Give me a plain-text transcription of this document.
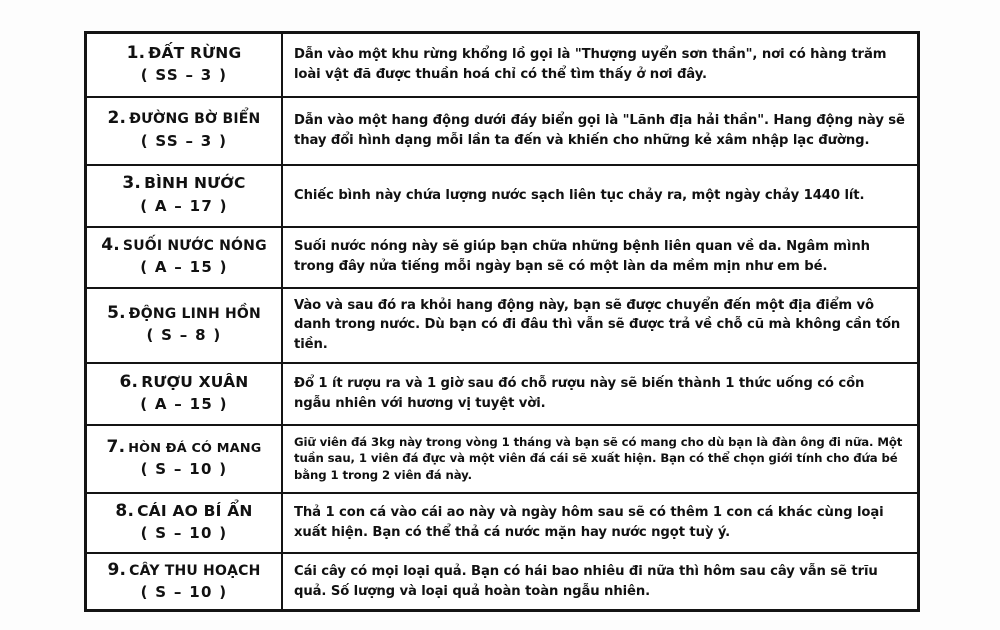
1. ĐẤT RỪNG
( SS – 3 )	Dẫn vào một khu rừng khổng lồ gọi là "Thượng uyển sơn thần", nơi có hàng trăm loài vật đã được thuần hoá chỉ có thể tìm thấy ở nơi đây.

2. ĐƯỜNG BỜ BIỂN
( SS – 3 )	Dẫn vào một hang động dưới đáy biển gọi là "Lãnh địa hải thần". Hang động này sẽ thay đổi hình dạng mỗi lần ta đến và khiến cho những kẻ xâm nhập lạc đường.

3. BÌNH NƯỚC
( A – 17 )	Chiếc bình này chứa lượng nước sạch liên tục chảy ra, một ngày chảy 1440 lít.

4. SUỐI NƯỚC NÓNG
( A – 15 )	Suối nước nóng này sẽ giúp bạn chữa những bệnh liên quan về da. Ngâm mình trong đây nửa tiếng mỗi ngày bạn sẽ có một làn da mềm mịn như em bé.

5. ĐỘNG LINH HỒN
( S – 8 )	Vào và sau đó ra khỏi hang động này, bạn sẽ được chuyển đến một địa điểm vô danh trong nước. Dù bạn có đi đâu thì vẫn sẽ được trả về chỗ cũ mà không cần tốn tiền.

6. RƯỢU XUÂN
( A – 15 )	Đổ 1 ít rượu ra và 1 giờ sau đó chỗ rượu này sẽ biến thành 1 thức uống có cồn ngẫu nhiên với hương vị tuyệt vời.

7. HÒN ĐÁ CÓ MANG
( S – 10 )	Giữ viên đá 3kg này trong vòng 1 tháng và bạn sẽ có mang cho dù bạn là đàn ông đi nữa. Một tuần sau, 1 viên đá đực và một viên đá cái sẽ xuất hiện. Bạn có thể chọn giới tính cho đứa bé bằng 1 trong 2 viên đá này.

8. CÁI AO BÍ ẨN
( S – 10 )	Thả 1 con cá vào cái ao này và ngày hôm sau sẽ có thêm 1 con cá khác cùng loại xuất hiện. Bạn có thể thả cá nước mặn hay nước ngọt tuỳ ý.

9. CÂY THU HOẠCH
( S – 10 )	Cái cây có mọi loại quả. Bạn có hái bao nhiêu đi nữa thì hôm sau cây vẫn sẽ trĩu quả. Số lượng và loại quả hoàn toàn ngẫu nhiên.
